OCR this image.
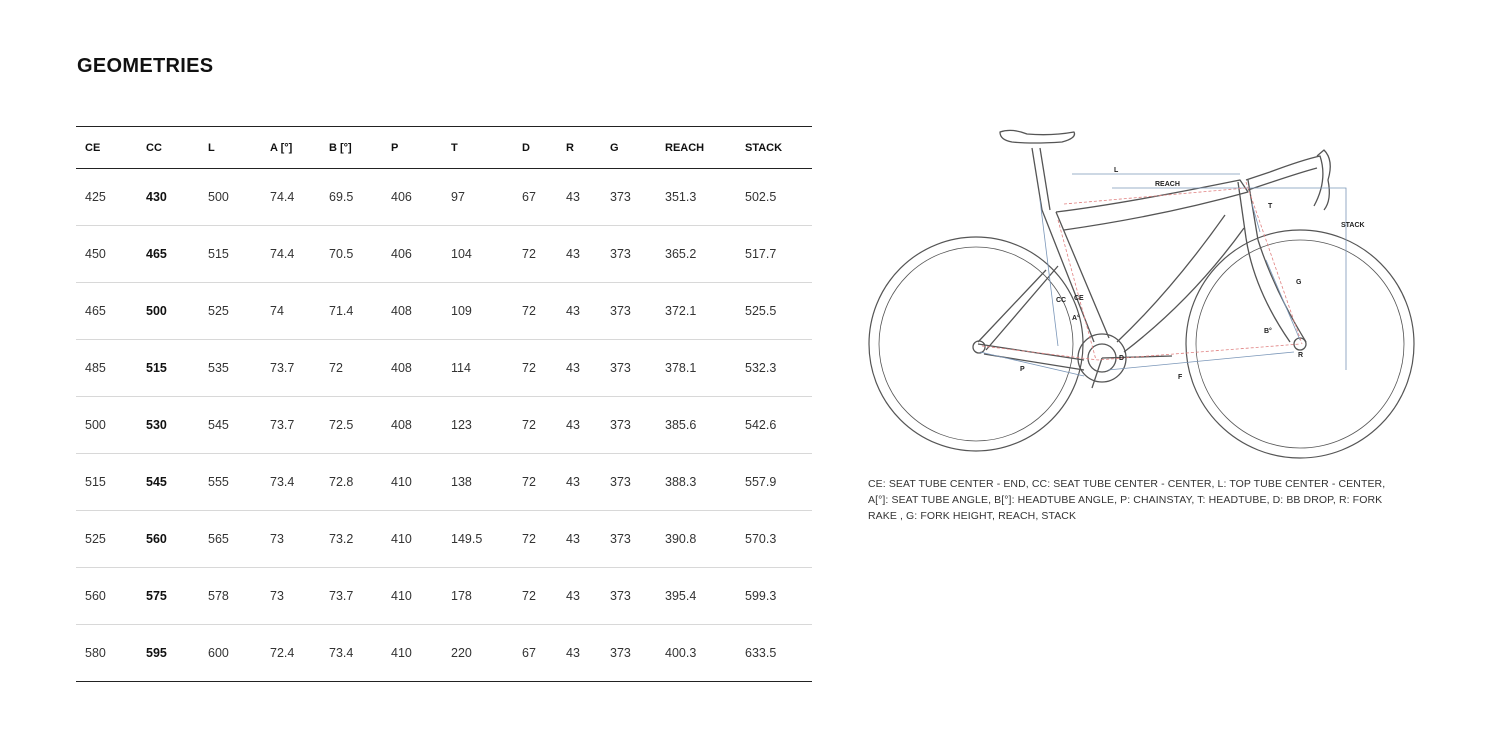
GEOMETRIES
CE	CC	L	A [°]	B [°]	P	T	D	R	G	REACH	STACK
425	430	500	74.4	69.5	406	97	67	43	373	351.3	502.5
450	465	515	74.4	70.5	406	104	72	43	373	365.2	517.7
465	500	525	74	71.4	408	109	72	43	373	372.1	525.5
485	515	535	73.7	72	408	114	72	43	373	378.1	532.3
500	530	545	73.7	72.5	408	123	72	43	373	385.6	542.6
515	545	555	73.4	72.8	410	138	72	43	373	388.3	557.9
525	560	565	73	73.2	410	149.5	72	43	373	390.8	570.3
560	575	578	73	73.7	410	178	72	43	373	395.4	599.3
580	595	600	72.4	73.4	410	220	67	43	373	400.3	633.5
L
REACH
STACK
T
G
CC CE
A°
B°
D	R
P
F
CE: SEAT TUBE CENTER - END, CC: SEAT TUBE CENTER - CENTER, L: TOP TUBE CENTER - CENTER, A[°]: SEAT TUBE ANGLE, B[°]: HEADTUBE ANGLE, P: CHAINSTAY, T: HEADTUBE, D: BB DROP, R: FORK RAKE , G: FORK HEIGHT, REACH, STACK
